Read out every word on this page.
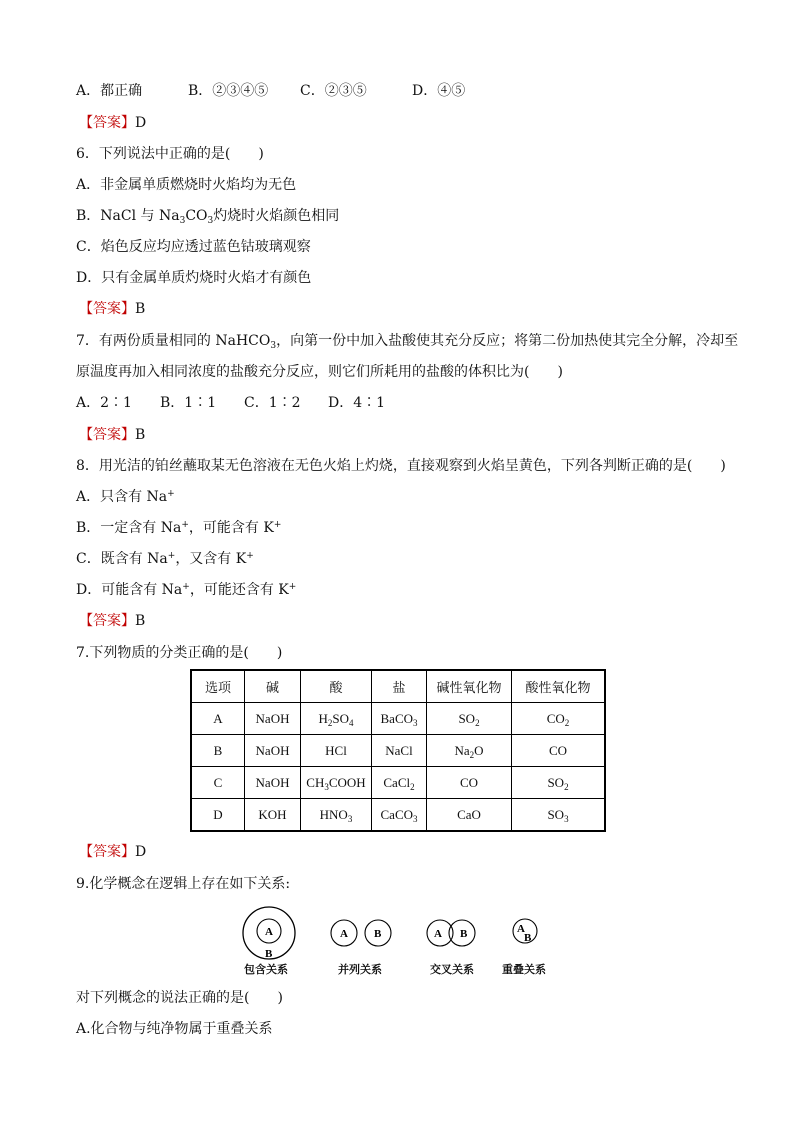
A．都正确	B．②③④⑤ C．②③⑤	D．④⑤
【答案】D
6．下列说法中正确的是(　　)
A．非金属单质燃烧时火焰均为无色
B．NaCl 与 $Na_3CO_3$灼烧时火焰颜色相同
C．焰色反应均应透过蓝色钴玻璃观察
D．只有金属单质灼烧时火焰才有颜色
【答案】B
7．有两份质量相同的 NaHCO$_3$，向第一份中加入盐酸使其充分反应；将第二份加热使其完全分解，冷却至
原温度再加入相同浓度的盐酸充分反应，则它们所耗用的盐酸的体积比为(　　)
A．2∶1 B．1∶1 C．1∶2 D．4∶1
【答案】B
8．用光洁的铂丝蘸取某无色溶液在无色火焰上灼烧，直接观察到火焰呈黄色，下列各判断正确的是(　　)
A．只含有 Na+
B．一定含有 Na+，可能含有 K+
C．既含有 Na+，又含有 K+
D．可能含有 Na+，可能还含有 K+
【答案】B
7.下列物质的分类正确的是(　　)
选项	碱	酸	盐	碱性氧化物	酸性氧化物
A	NaOH	$H_2SO_4$	BaCO$_3$	$SO_2$	$CO_2$
B	NaOH	HCl	NaCl	$Na_2O$	CO
C	NaOH	$CH_3COOH$	CaCl$_2$	CO	$SO_2$
D	KOH	$HNO_3$	CaCO$_3$	CaO	$SO_3$
【答案】D
9.化学概念在逻辑上存在如下关系:
A
B
A B	A B	A
B
包含关系	并列关系	交叉关系	重叠关系
对下列概念的说法正确的是(　　)
A.化合物与纯净物属于重叠关系
